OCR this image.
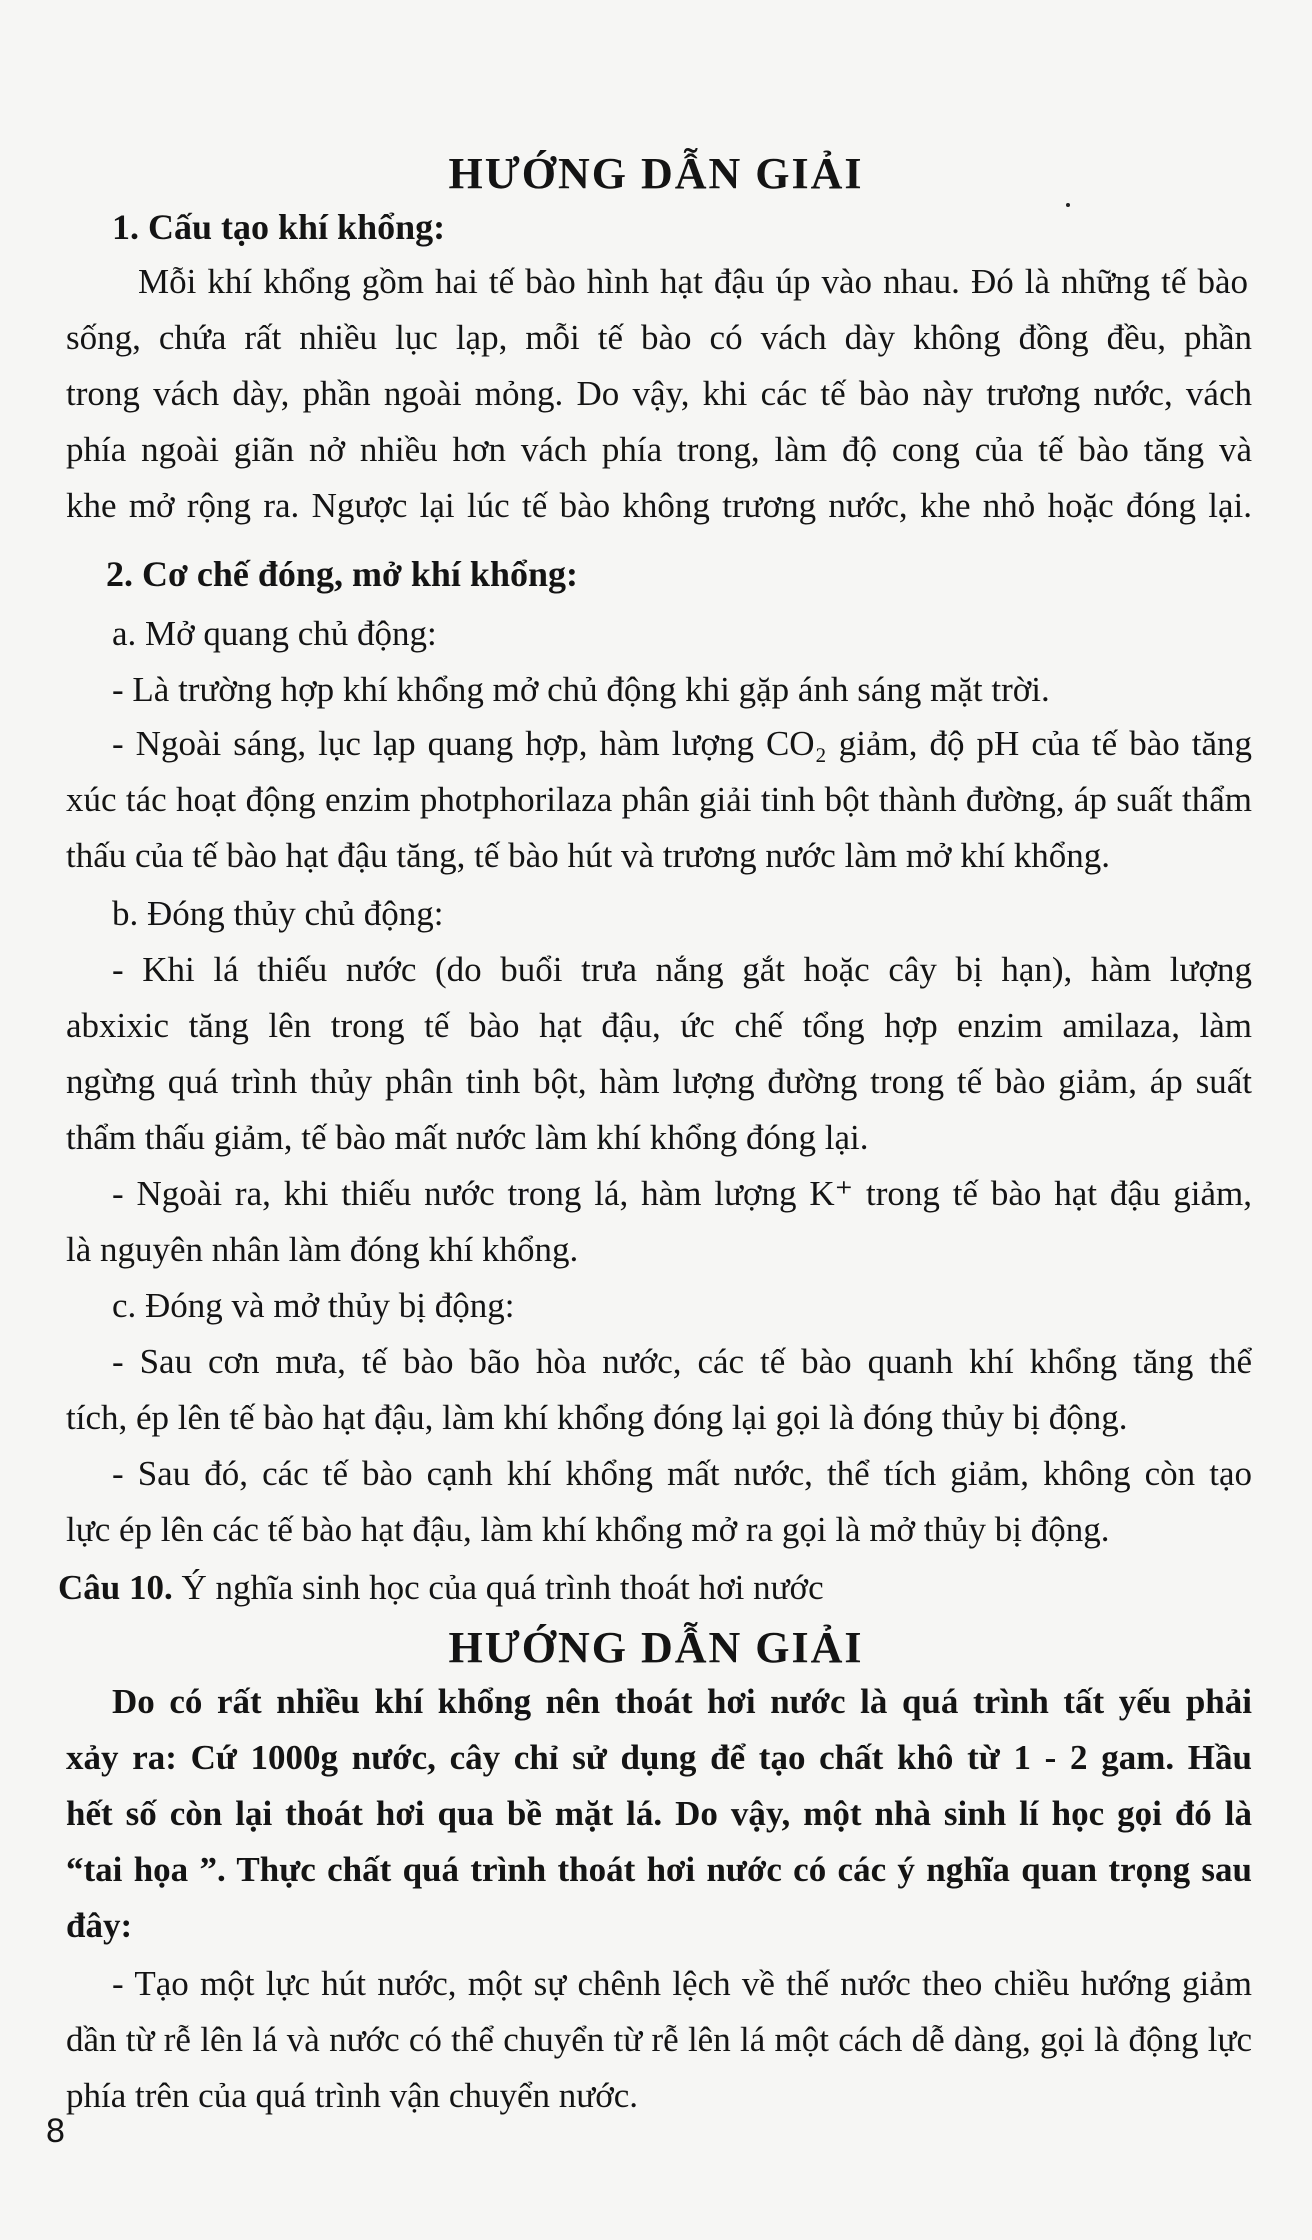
HƯỚNG DẪN GIẢI
1. Cấu tạo khí khổng:
Mỗi khí khổng gồm hai tế bào hình hạt đậu úp vào nhau. Đó là những tế bào
sống, chứa rất nhiều lục lạp, mỗi tế bào có vách dày không đồng đều, phần
trong vách dày, phần ngoài mỏng. Do vậy, khi các tế bào này trương nước, vách
phía ngoài giãn nở nhiều hơn vách phía trong, làm độ cong của tế bào tăng và
khe mở rộng ra. Ngược lại lúc tế bào không trương nước, khe nhỏ hoặc đóng lại.
2. Cơ chế đóng, mở khí khổng:
a. Mở quang chủ động:
- Là trường hợp khí khổng mở chủ động khi gặp ánh sáng mặt trời.
- Ngoài sáng, lục lạp quang hợp, hàm lượng CO₂ giảm, độ pH của tế bào tăng
xúc tác hoạt động enzim photphorilaza phân giải tinh bột thành đường, áp suất thẩm
thấu của tế bào hạt đậu tăng, tế bào hút và trương nước làm mở khí khổng.
b. Đóng thủy chủ động:
- Khi lá thiếu nước (do buổi trưa nắng gắt hoặc cây bị hạn), hàm lượng
abxixic tăng lên trong tế bào hạt đậu, ức chế tổng hợp enzim amilaza, làm
ngừng quá trình thủy phân tinh bột, hàm lượng đường trong tế bào giảm, áp suất
thẩm thấu giảm, tế bào mất nước làm khí khổng đóng lại.
- Ngoài ra, khi thiếu nước trong lá, hàm lượng K⁺ trong tế bào hạt đậu giảm,
là nguyên nhân làm đóng khí khổng.
c. Đóng và mở thủy bị động:
- Sau cơn mưa, tế bào bão hòa nước, các tế bào quanh khí khổng tăng thể
tích, ép lên tế bào hạt đậu, làm khí khổng đóng lại gọi là đóng thủy bị động.
- Sau đó, các tế bào cạnh khí khổng mất nước, thể tích giảm, không còn tạo
lực ép lên các tế bào hạt đậu, làm khí khổng mở ra gọi là mở thủy bị động.
Câu 10. Ý nghĩa sinh học của quá trình thoát hơi nước
HƯỚNG DẪN GIẢI
Do có rất nhiều khí khổng nên thoát hơi nước là quá trình tất yếu phải
xảy ra: Cứ 1000g nước, cây chỉ sử dụng để tạo chất khô từ 1 - 2 gam. Hầu
hết số còn lại thoát hơi qua bề mặt lá. Do vậy, một nhà sinh lí học gọi đó là
“tai họa ”. Thực chất quá trình thoát hơi nước có các ý nghĩa quan trọng sau
đây:
- Tạo một lực hút nước, một sự chênh lệch về thế nước theo chiều hướng giảm
dần từ rễ lên lá và nước có thể chuyển từ rễ lên lá một cách dễ dàng, gọi là động lực
phía trên của quá trình vận chuyển nước.
8
